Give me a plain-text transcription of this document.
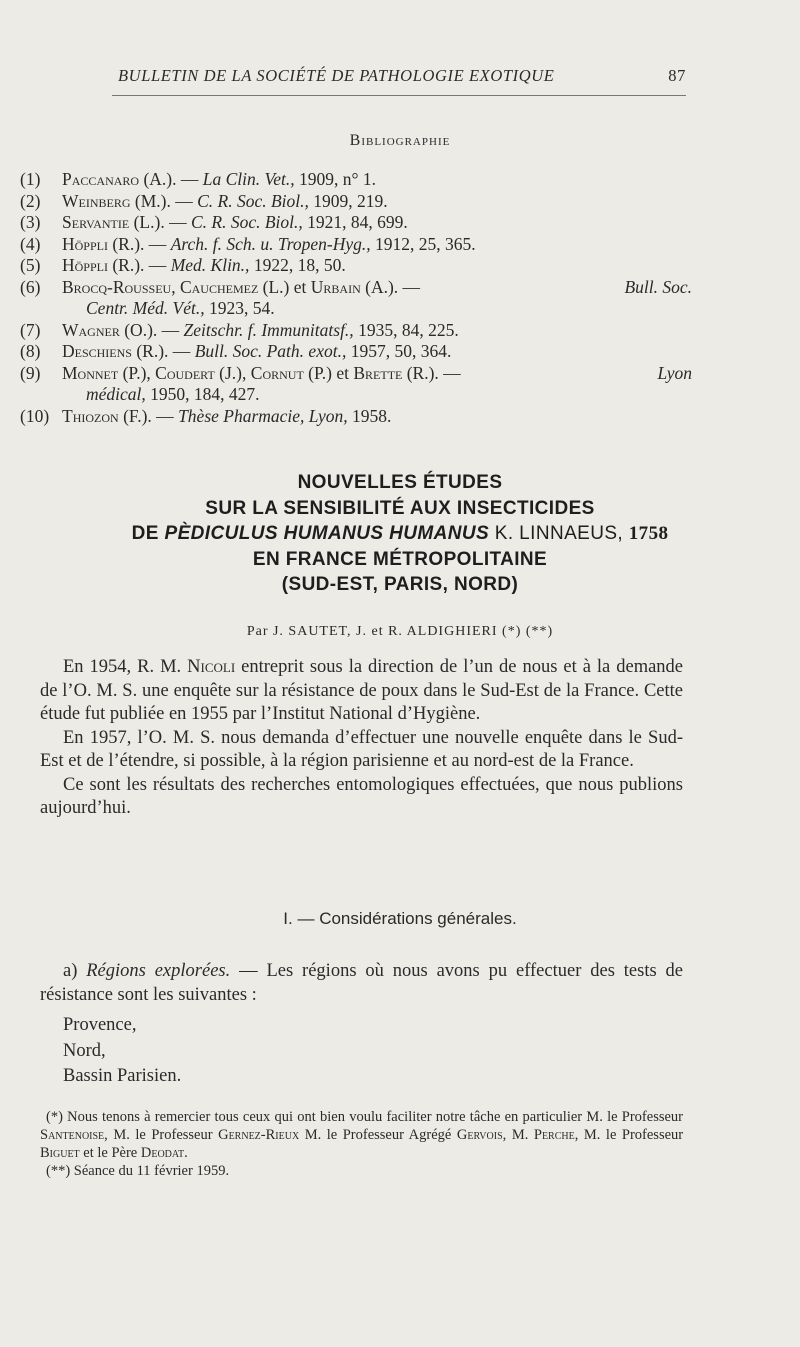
BULLETIN DE LA SOCIÉTÉ DE PATHOLOGIE EXOTIQUE	87
Bibliographie
(1) Paccanaro (A.). — La Clin. Vet., 1909, n° 1.
(2) Weinberg (M.). — C. R. Soc. Biol., 1909, 219.
(3) Servantie (L.). — C. R. Soc. Biol., 1921, 84, 699.
(4) Höppli (R.). — Arch. f. Sch. u. Tropen-Hyg., 1912, 25, 365.
(5) Höppli (R.). — Med. Klin., 1922, 18, 50.
(6) Brocq-Rousseu, Cauchemez (L.) et Urbain (A.). —	Bull. Soc.
Centr. Méd. Vét., 1923, 54.
(7) Wagner (O.). — Zeitschr. f. Immunitatsf., 1935, 84, 225.
(8) Deschiens (R.). — Bull. Soc. Path. exot., 1957, 50, 364.
(9) Monnet (P.), Coudert (J.), Cornut (P.) et Brette (R.). —	Lyon
médical, 1950, 184, 427.
(10) Thiozon (F.). — Thèse Pharmacie, Lyon, 1958.
NOUVELLES ÉTUDES
SUR LA SENSIBILITÉ AUX INSECTICIDES
DE PÈDICULUS HUMANUS HUMANUS K. LINNAEUS, 1758
EN FRANCE MÉTROPOLITAINE
(SUD-EST, PARIS, NORD)
Par J. SAUTET, J. et R. ALDIGHIERI (*) (**)

En 1954, R. M. Nicoli entreprit sous la direction de l’un de nous et à la demande de l’O. M. S. une enquête sur la résistance de poux dans le Sud-Est de la France. Cette étude fut publiée en 1955 par l’Institut National d’Hygiène.

En 1957, l’O. M. S. nous demanda d’effectuer une nouvelle enquête dans le Sud-Est et de l’étendre, si possible, à la région parisienne et au nord-est de la France.

Ce sont les résultats des recherches entomologiques effectuées, que nous publions aujourd’hui.

I. — Considérations générales.

a) Régions explorées. — Les régions où nous avons pu effectuer des tests de résistance sont les suivantes :

Provence,
Nord,
Bassin Parisien.

(*) Nous tenons à remercier tous ceux qui ont bien voulu faciliter notre tâche en particulier M. le Professeur Santenoise, M. le Professeur Gernez-Rieux M. le Professeur Agrégé Gervois, M. Perche, M. le Professeur Biguet et le Père Deodat.

(**) Séance du 11 février 1959.
